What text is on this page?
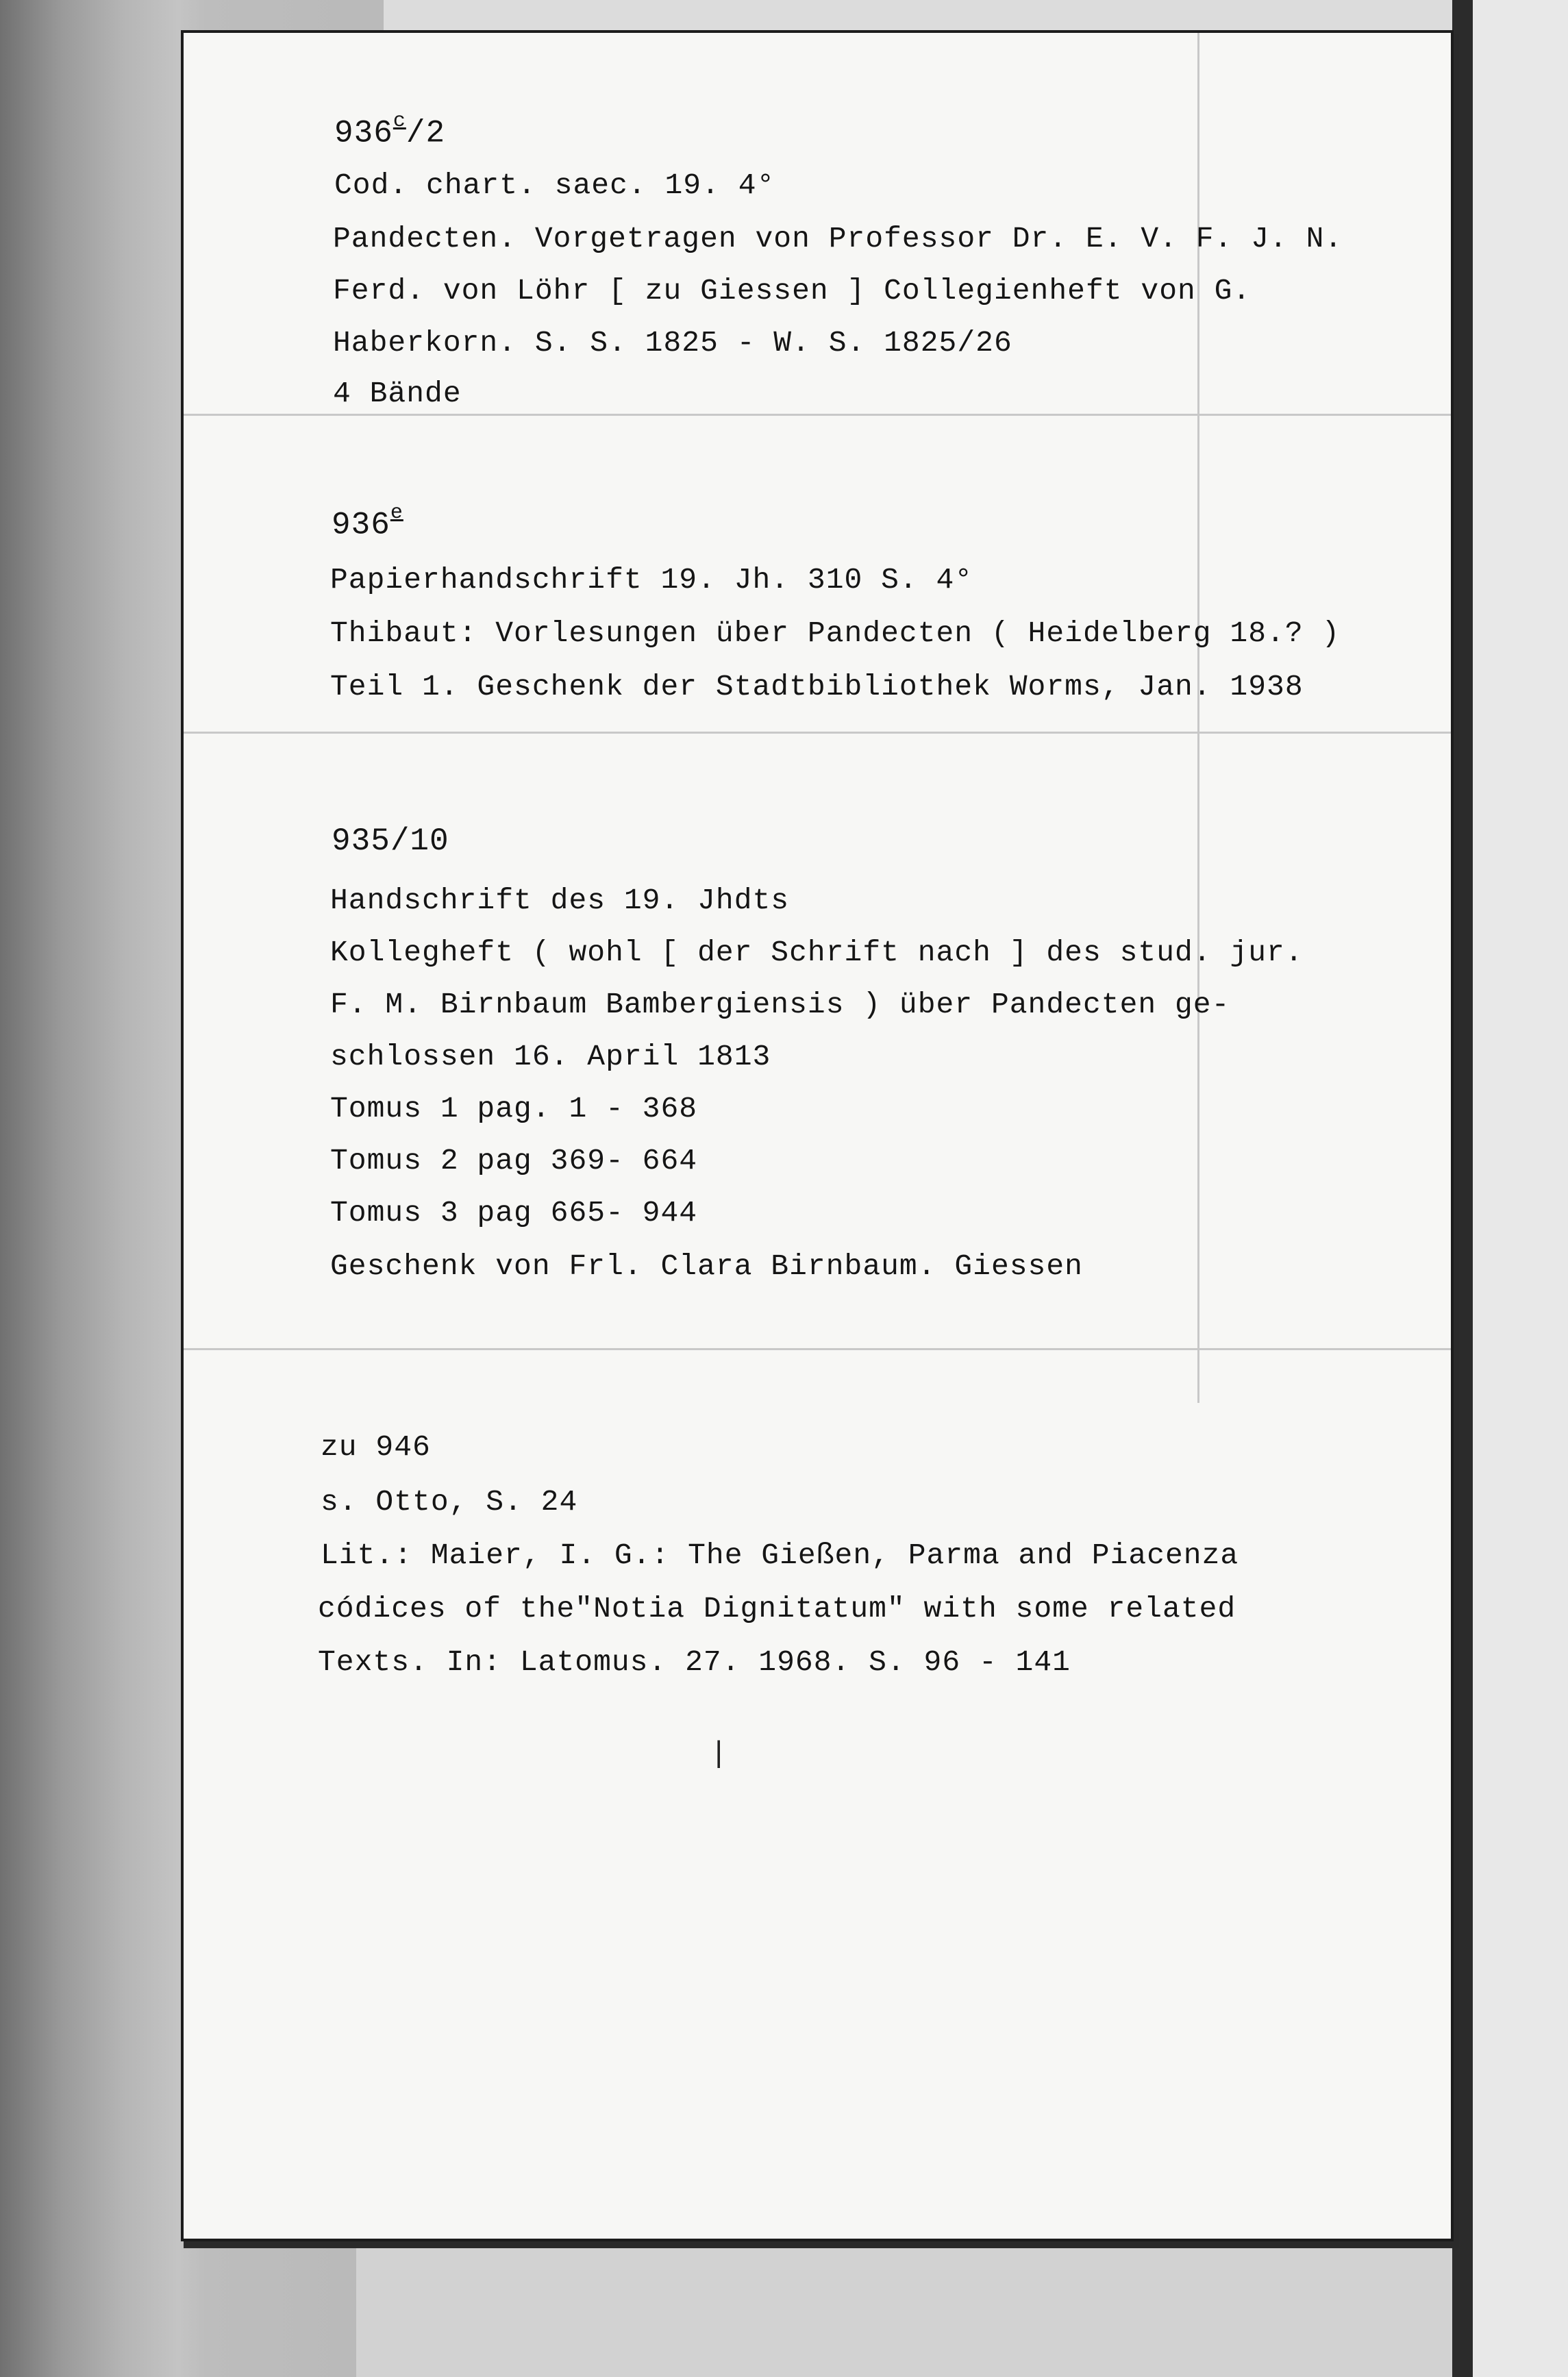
936$^c$/2
Cod. chart. saec. 19. 4°
Pandecten. Vorgetragen von Professor Dr. E. V. F. J. N.
Ferd. von Löhr [ zu Giessen ] Collegienheft von G.
Haberkorn. S. S. 1825 - W. S. 1825/26
4 Bände
936e
Papierhandschrift 19. Jh. 310 S. 4°
Thibaut: Vorlesungen über Pandecten ( Heidelberg 18.? )
Teil 1. Geschenk der Stadtbibliothek Worms, Jan. 1938
935/10
Handschrift des 19. Jhdts
Kollegheft ( wohl [ der Schrift nach ] des stud. jur.
F. M. Birnbaum Bambergiensis ) über Pandecten ge-
schlossen 16. April 1813
Tomus 1 pag. 1 - 368
Tomus 2 pag 369- 664
Tomus 3 pag 665- 944
Geschenk von Frl. Clara Birnbaum. Giessen
zu 946
s. Otto, S. 24
Lit.: Maier, I. G.: The Gießen, Parma and Piacenza
códices of the"Notia Dignitatum" with some related
Texts. In: Latomus. 27. 1968. S. 96 - 141
|
